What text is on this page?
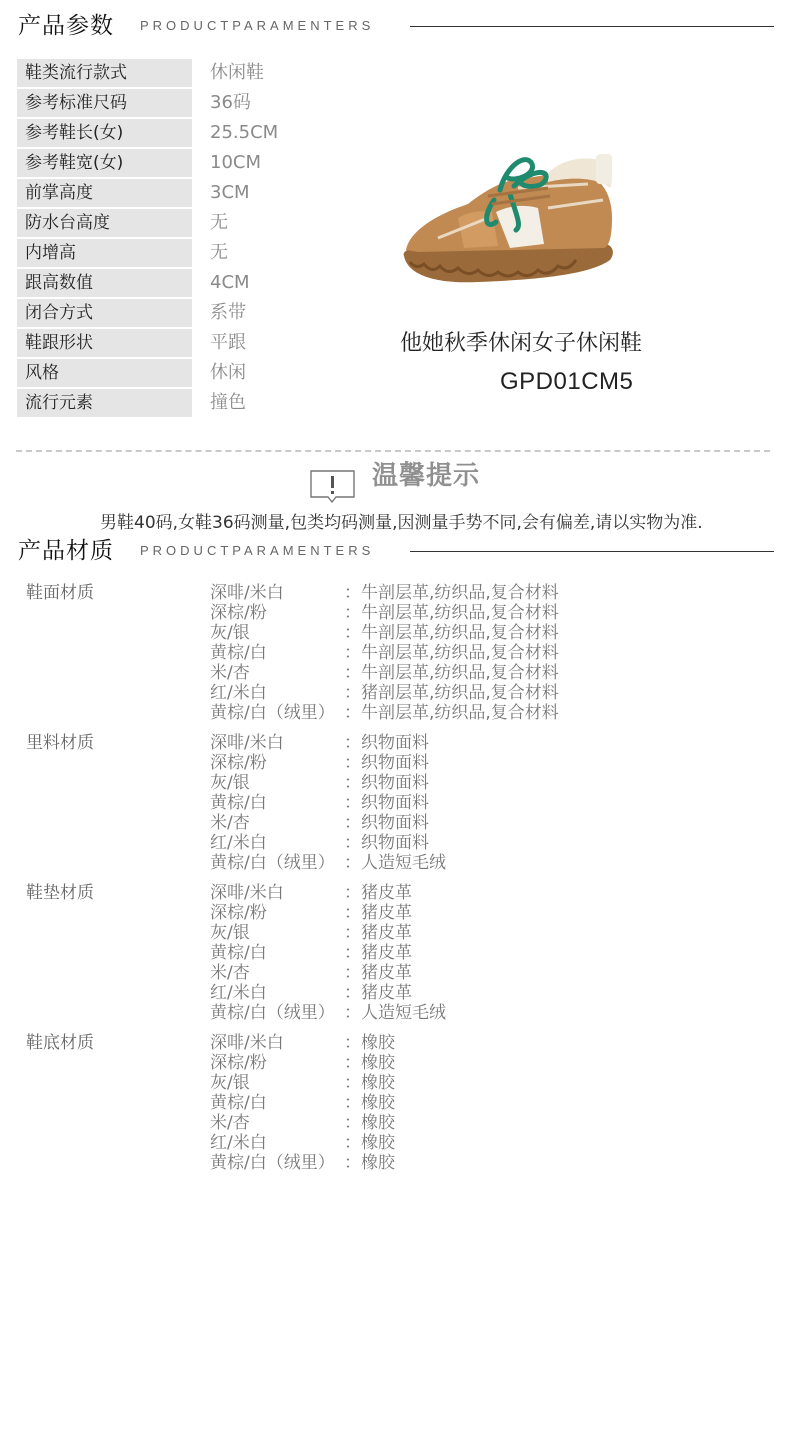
产品参数 PRODUCTPARAMENTERS
鞋类流行款式	休闲鞋
参考标准尺码	36码
参考鞋长(女)	25.5CM
参考鞋宽(女)	10CM
前掌高度	3CM
防水台高度	无
内增高	无
跟高数值	4CM
闭合方式	系带
鞋跟形状	平跟
风格	休闲
流行元素	撞色
他她秋季休闲女子休闲鞋
GPD01CM5
温馨提示
男鞋40码,女鞋36码测量,包类均码测量,因测量手势不同,会有偏差,请以实物为准.
产品材质 PRODUCTPARAMENTERS
鞋面材质	深啡/米白	：牛剖层革,纺织品,复合材料
深棕/粉	：牛剖层革,纺织品,复合材料
灰/银	：牛剖层革,纺织品,复合材料
黄棕/白	：牛剖层革,纺织品,复合材料
米/杏	：牛剖层革,纺织品,复合材料
红/米白	：猪剖层革,纺织品,复合材料
黄棕/白（绒里） ：牛剖层革,纺织品,复合材料
里料材质	深啡/米白	：织物面料
深棕/粉	：织物面料
灰/银	：织物面料
黄棕/白	：织物面料
米/杏	：织物面料
红/米白	：织物面料
黄棕/白（绒里） ：人造短毛绒
鞋垫材质	深啡/米白	：猪皮革
深棕/粉	：猪皮革
灰/银	：猪皮革
黄棕/白	：猪皮革
米/杏	：猪皮革
红/米白	：猪皮革
黄棕/白（绒里） ：人造短毛绒
鞋底材质	深啡/米白	：橡胶
深棕/粉	：橡胶
灰/银	：橡胶
黄棕/白	：橡胶
米/杏	：橡胶
红/米白	：橡胶
黄棕/白（绒里） ：橡胶
